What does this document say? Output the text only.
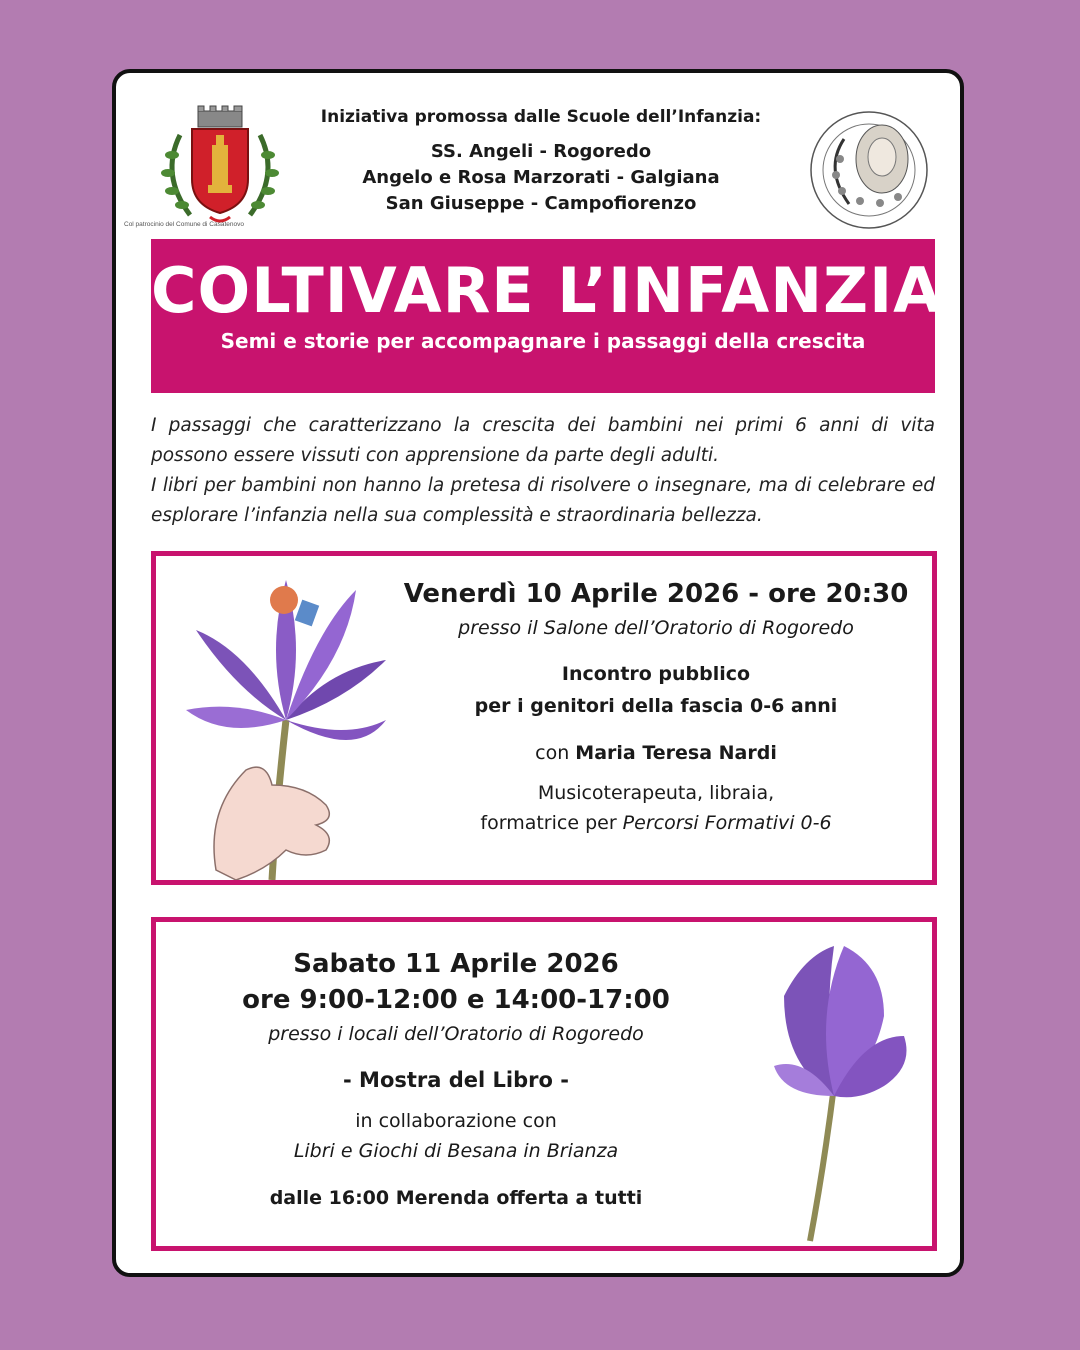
Col patrocinio del Comune di Casatenovo
Iniziativa promossa dalle Scuole dell’Infanzia:
SS. Angeli - Rogoredo
Angelo e Rosa Marzorati - Galgiana
San Giuseppe - Campofiorenzo
COLTIVARE L’INFANZIA
Semi e storie per accompagnare i passaggi della crescita

I passaggi che caratterizzano la crescita dei bambini nei primi 6 anni di vita possono essere vissuti con apprensione da parte degli adulti.

I libri per bambini non hanno la pretesa di risolvere o insegnare, ma di celebrare ed esplorare l’infanzia nella sua complessità e straordinaria bellezza.

Venerdì 10 Aprile 2026 - ore 20:30
presso il Salone dell’Oratorio di Rogoredo
Incontro pubblico
per i genitori della fascia 0-6 anni
con Maria Teresa Nardi
Musicoterapeuta, libraia,
formatrice per Percorsi Formativi 0-6
Sabato 11 Aprile 2026
ore 9:00-12:00 e 14:00-17:00
presso i locali dell’Oratorio di Rogoredo
- Mostra del Libro -
in collaborazione con
Libri e Giochi di Besana in Brianza
dalle 16:00 Merenda offerta a tutti
